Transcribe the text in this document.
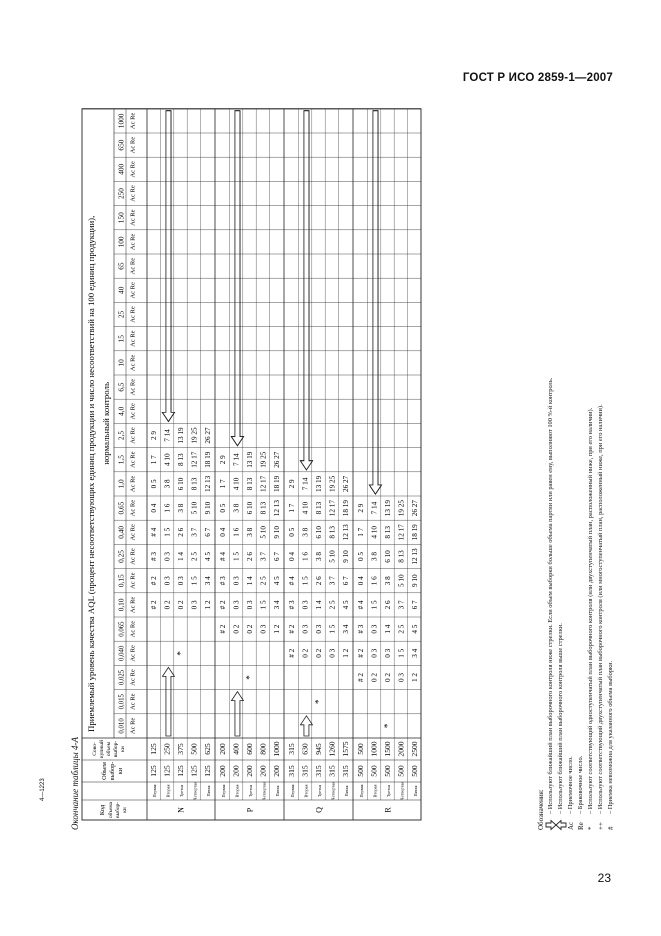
ГОСТ Р ИСО 2859-1—2007
23
4—1223	Окончание таблицы 4-А	Код объема выбор- ки
Объем выбор- ки
Сово- купный объем выбор- ки
Приемлемый уровень качества AQL (процент несоответствующих единиц продукции и число несоответствий на 100 единиц продукции), нормальный контроль
0,010 Ac Re
0,015 Ac Re
0,025 Ac Re
0,040 Ac Re
0,065 Ac Re
0,10 Ac Re
0,15 Ac Re
0,25 Ac Re
0,40 Ac Re
0,65 Ac Re
1,0 Ac Re
1,5 Ac Re
2,5 Ac Re
4,0 Ac Re
6,5 Ac Re
10 Ac Re
15 Ac Re
25 Ac Re
40 Ac Re
65 Ac Re
100 Ac Re
150 Ac Re
250 Ac Re
400 Ac Re
650 Ac Re
1000 Ac Re
Первая
125
125
# 2
# 2
# 3
# 4
0 4
0 5
1 7
2 9
Вторая
125
250
0 2
0 3
0 3
1 5
1 6
3 8
4 10
7 14
Третья
125
375
0 2
0 3
1 4
2 6
3 8
6 10
8 13
13 19
Четвертая
125
500
0 3
1 5
2 5
3 7
5 10
8 13
12 17
19 25
Пятая
125
625
1 2
3 4
4 5
6 7
9 10
12 13
18 19
26 27
N
*
Первая
200
200
# 2
# 2
# 3
# 4
0 4
0 5
1 7
2 9
Вторая
200
400
0 2
0 3
0 3
1 5
1 6
3 8
4 10
7 14
Третья
200
600
0 2
0 3
1 4
2 6
3 8
6 10
8 13
13 19
Четвертая
200
800
0 3
1 5
2 5
3 7
5 10
8 13
12 17
19 25
Пятая
200
1000
1 2
3 4
4 5
6 7
9 10
12 13
18 19
26 27
P
*
Первая
315
315
# 2
# 2
# 3
# 4
0 4
0 5
1 7
2 9
Вторая
315
630
0 2
0 3
0 3
1 5
1 6
3 8
4 10
7 14
Третья
315
945
0 2
0 3
1 4
2 6
3 8
6 10
8 13
13 19
Четвертая
315
1260
0 3
1 5
2 5
3 7
5 10
8 13
12 17
19 25
Пятая
315
1575
1 2
3 4
4 5
6 7
9 10
12 13
18 19
26 27
Q
*
Первая
500
500
# 2
# 2
# 3
# 4
0 4
0 5
1 7
2 9
Вторая
500
1000
0 2
0 3
0 3
1 5
1 6
3 8
4 10
7 14
Третья
500
1500
0 2
0 3
1 4
2 6
3 8
6 10
8 13
13 19
Четвертая
500
2000
0 3
1 5
2 5
3 7
5 10
8 13
12 17
19 25
Пятая
500
2500
1 2
3 4
4 5
6 7
9 10
12 13
18 19
26 27
R
*
Обозначения: – Используют ближайший план выборочного контроля ниже стрелки. Если объем выборки больше объема партии или равен ему, выполняют 100 %-й контроль. – Используют ближайший план выборочного контроля выше стрелки.
Ac
– Приемочное число.
Re
– Браковочное число.
*
– Используют соответствующий одноступенчатый план выборочного контроля (или двухступенчатый план, расположенный ниже, при его наличии).
++
– Используют соответствующий двухступенчатый план выборочного контроля (или многоступенчатый план, расположенный ниже, при его наличии).
#
– Приемка невозможна для указанного объема выборки.
